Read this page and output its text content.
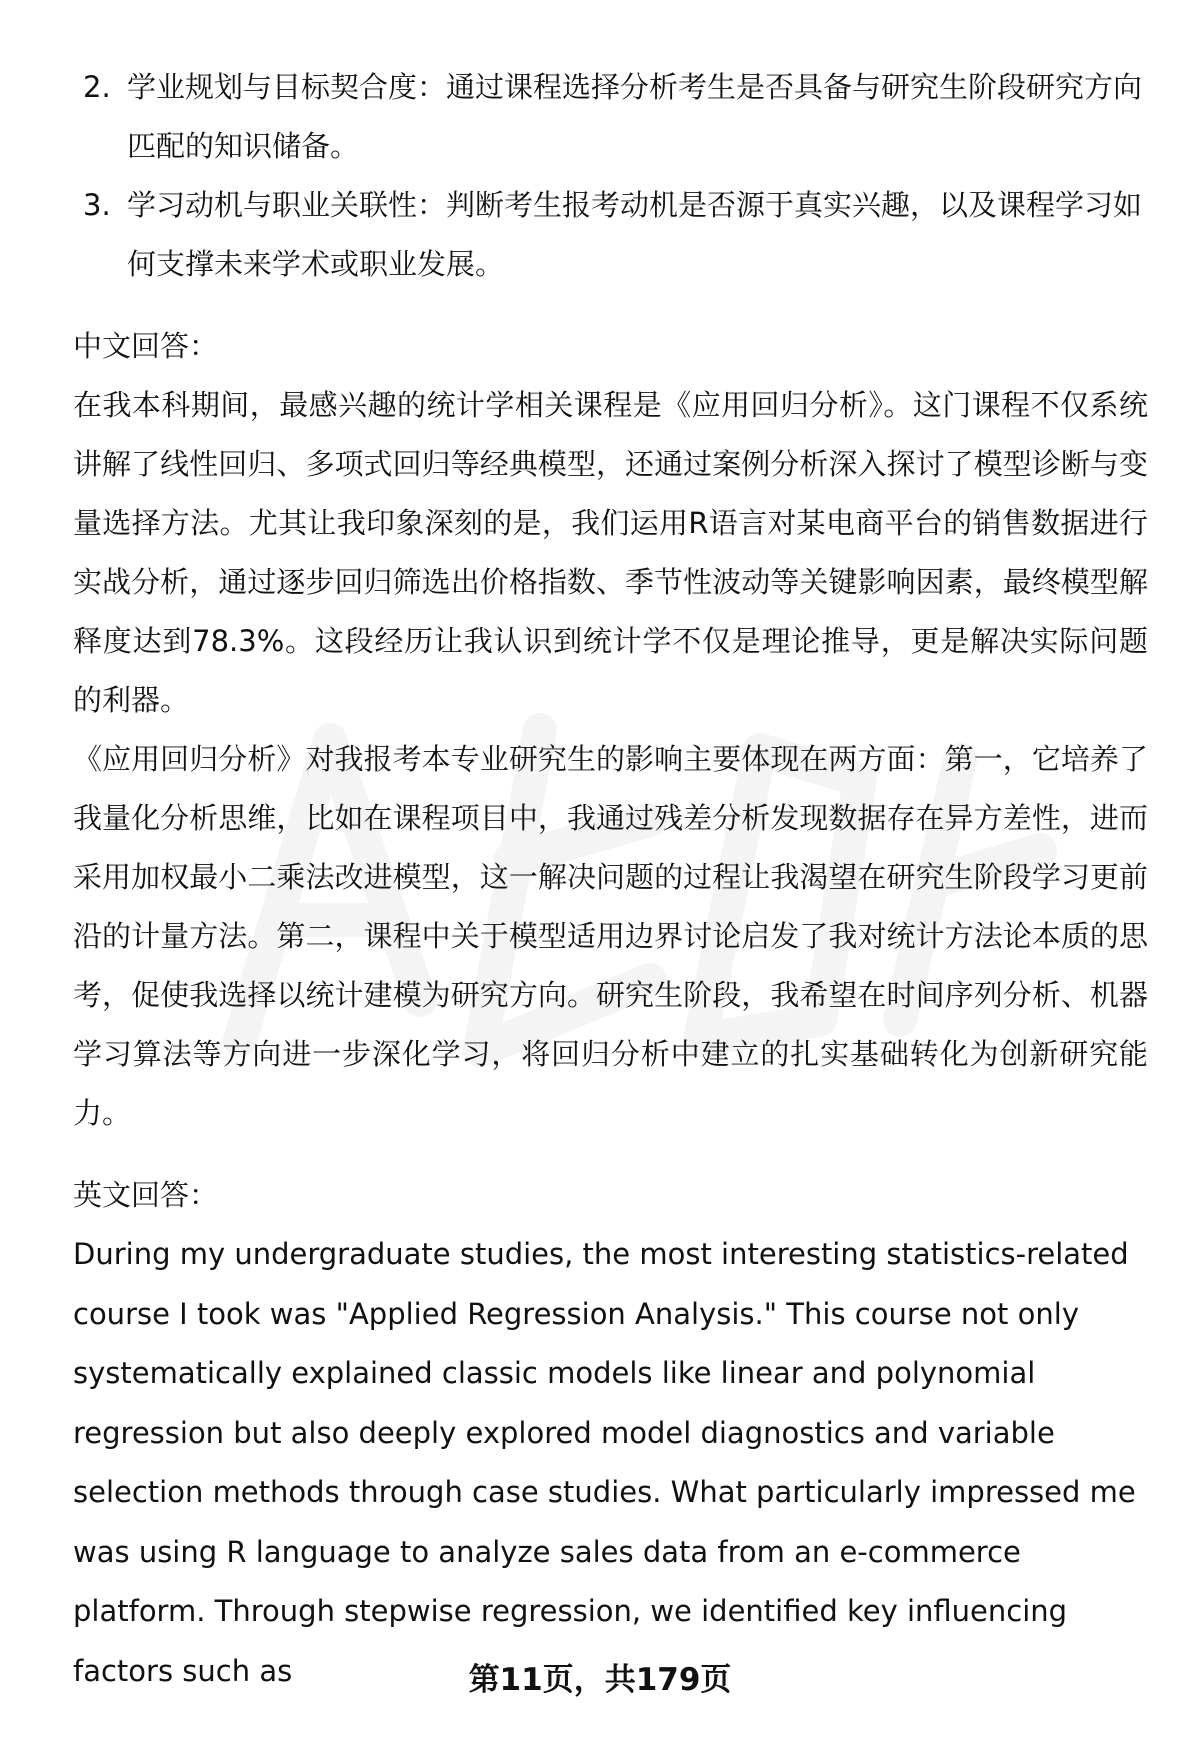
2. 学业规划与目标契合度：通过课程选择分析考生是否具备与研究生阶段研究方向匹配的知识储备。
3. 学习动机与职业关联性：判断考生报考动机是否源于真实兴趣，以及课程学习如何支撑未来学术或职业发展。
中文回答：
在我本科期间，最感兴趣的统计学相关课程是《应用回归分析》。这门课程不仅系统讲解了线性回归、多项式回归等经典模型，还通过案例分析深入探讨了模型诊断与变量选择方法。尤其让我印象深刻的是，我们运用R语言对某电商平台的销售数据进行实战分析，通过逐步回归筛选出价格指数、季节性波动等关键影响因素，最终模型解释度达到78.3%。这段经历让我认识到统计学不仅是理论推导，更是解决实际问题的利器。
《应用回归分析》对我报考本专业研究生的影响主要体现在两方面：第一，它培养了我量化分析思维，比如在课程项目中，我通过残差分析发现数据存在异方差性，进而采用加权最小二乘法改进模型，这一解决问题的过程让我渴望在研究生阶段学习更前沿的计量方法。第二，课程中关于模型适用边界讨论启发了我对统计方法论本质的思考，促使我选择以统计建模为研究方向。研究生阶段，我希望在时间序列分析、机器学习算法等方向进一步深化学习，将回归分析中建立的扎实基础转化为创新研究能力。
英文回答：
During my undergraduate studies, the most interesting statistics-related course I took was "Applied Regression Analysis." This course not only systematically explained classic models like linear and polynomial regression but also deeply explored model diagnostics and variable selection methods through case studies. What particularly impressed me was using R language to analyze sales data from an e-commerce platform. Through stepwise regression, we identified key influencing factors such as	第11页，共179页
